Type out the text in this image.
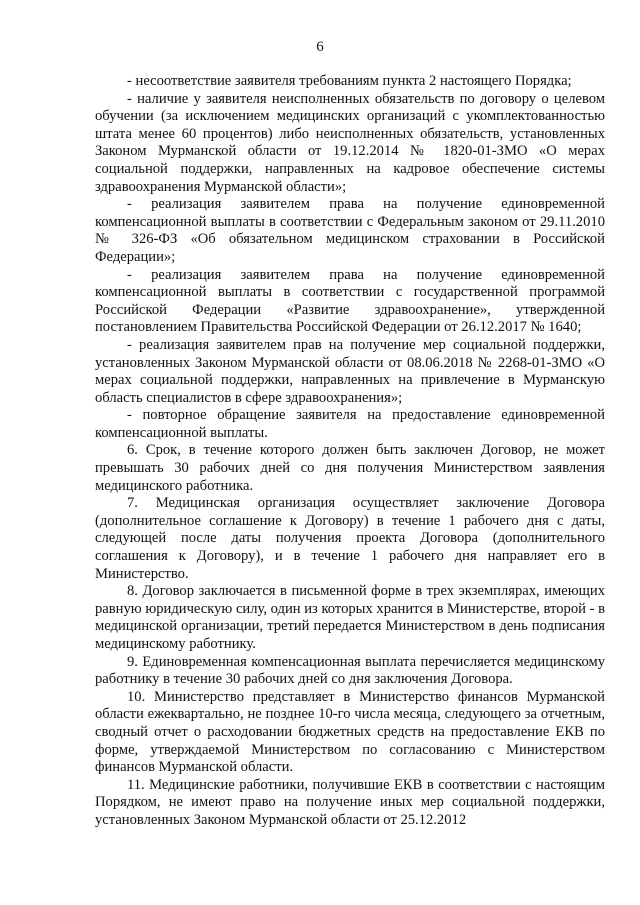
6

- несоответствие заявителя требованиям пункта 2 настоящего Порядка;

- наличие у заявителя неисполненных обязательств по договору о целевом обучении (за исключением медицинских организаций с укомплектованностью штата менее 60 процентов) либо неисполненных обязательств, установленных Законом Мурманской области от 19.12.2014 № 1820-01-ЗМО «О мерах социальной поддержки, направленных на кадровое обеспечение системы здравоохранения Мурманской области»;

- реализация заявителем права на получение единовременной компенсационной выплаты в соответствии с Федеральным законом от 29.11.2010 № 326-ФЗ «Об обязательном медицинском страховании в Российской Федерации»;

- реализация заявителем права на получение единовременной компенсационной выплаты в соответствии с государственной программой Российской Федерации «Развитие здравоохранение», утвержденной постановлением Правительства Российской Федерации от 26.12.2017 № 1640;

- реализация заявителем прав на получение мер социальной поддержки, установленных Законом Мурманской области от 08.06.2018 № 2268-01-ЗМО «О мерах социальной поддержки, направленных на привлечение в Мурманскую область специалистов в сфере здравоохранения»;

- повторное обращение заявителя на предоставление единовременной компенсационной выплаты.

6. Срок, в течение которого должен быть заключен Договор, не может превышать 30 рабочих дней со дня получения Министерством заявления медицинского работника.

7. Медицинская организация осуществляет заключение Договора (дополнительное соглашение к Договору) в течение 1 рабочего дня с даты, следующей после даты получения проекта Договора (дополнительного соглашения к Договору), и в течение 1 рабочего дня направляет его в Министерство.

8. Договор заключается в письменной форме в трех экземплярах, имеющих равную юридическую силу, один из которых хранится в Министерстве, второй - в медицинской организации, третий передается Министерством в день подписания медицинскому работнику.

9. Единовременная компенсационная выплата перечисляется медицинскому работнику в течение 30 рабочих дней со дня заключения Договора.

10. Министерство представляет в Министерство финансов Мурманской области ежеквартально, не позднее 10-го числа месяца, следующего за отчетным, сводный отчет о расходовании бюджетных средств на предоставление ЕКВ по форме, утверждаемой Министерством по согласованию с Министерством финансов Мурманской области.

11. Медицинские работники, получившие ЕКВ в соответствии с настоящим Порядком, не имеют право на получение иных мер социальной поддержки, установленных Законом Мурманской области от 25.12.2012
